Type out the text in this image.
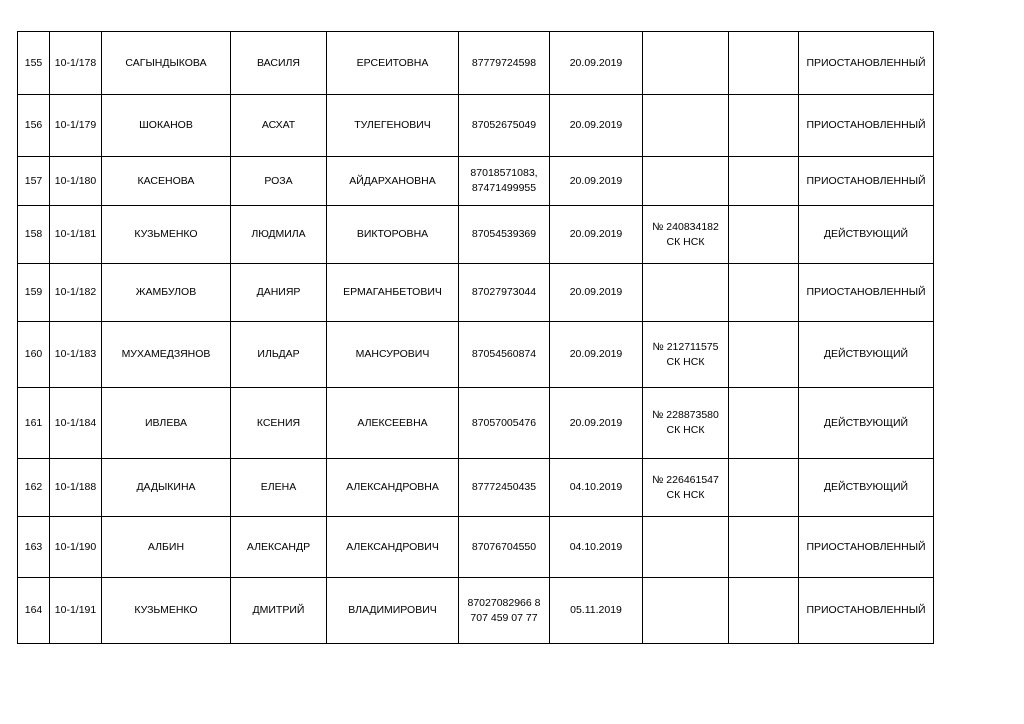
155	10-1/178	САГЫНДЫКОВА	ВАСИЛЯ	ЕРСЕИТОВНА	87779724598	20.09.2019			ПРИОСТАНОВЛЕННЫЙ
156	10-1/179	ШОКАНОВ	АСХАТ	ТУЛЕГЕНОВИЧ	87052675049	20.09.2019			ПРИОСТАНОВЛЕННЫЙ
157	10-1/180	КАСЕНОВА	РОЗА	АЙДАРХАНОВНА	87018571083,
87471499955	20.09.2019			ПРИОСТАНОВЛЕННЫЙ
158	10-1/181	КУЗЬМЕНКО	ЛЮДМИЛА	ВИКТОРОВНА	87054539369	20.09.2019	№ 240834182
СК НСК		ДЕЙСТВУЮЩИЙ
159	10-1/182	ЖАМБУЛОВ	ДАНИЯР	ЕРМАГАНБЕТОВИЧ	87027973044	20.09.2019			ПРИОСТАНОВЛЕННЫЙ
160	10-1/183	МУХАМЕДЗЯНОВ	ИЛЬДАР	МАНСУРОВИЧ	87054560874	20.09.2019	№ 212711575
СК НСК		ДЕЙСТВУЮЩИЙ
161	10-1/184	ИВЛЕВА	КСЕНИЯ	АЛЕКСЕЕВНА	87057005476	20.09.2019	№ 228873580
СК НСК		ДЕЙСТВУЮЩИЙ
162	10-1/188	ДАДЫКИНА	ЕЛЕНА	АЛЕКСАНДРОВНА	87772450435	04.10.2019	№ 226461547
СК НСК		ДЕЙСТВУЮЩИЙ
163	10-1/190	АЛБИН	АЛЕКСАНДР	АЛЕКСАНДРОВИЧ	87076704550	04.10.2019			ПРИОСТАНОВЛЕННЫЙ
164	10-1/191	КУЗЬМЕНКО	ДМИТРИЙ	ВЛАДИМИРОВИЧ	87027082966 8
707 459 07 77	05.11.2019			ПРИОСТАНОВЛЕННЫЙ
